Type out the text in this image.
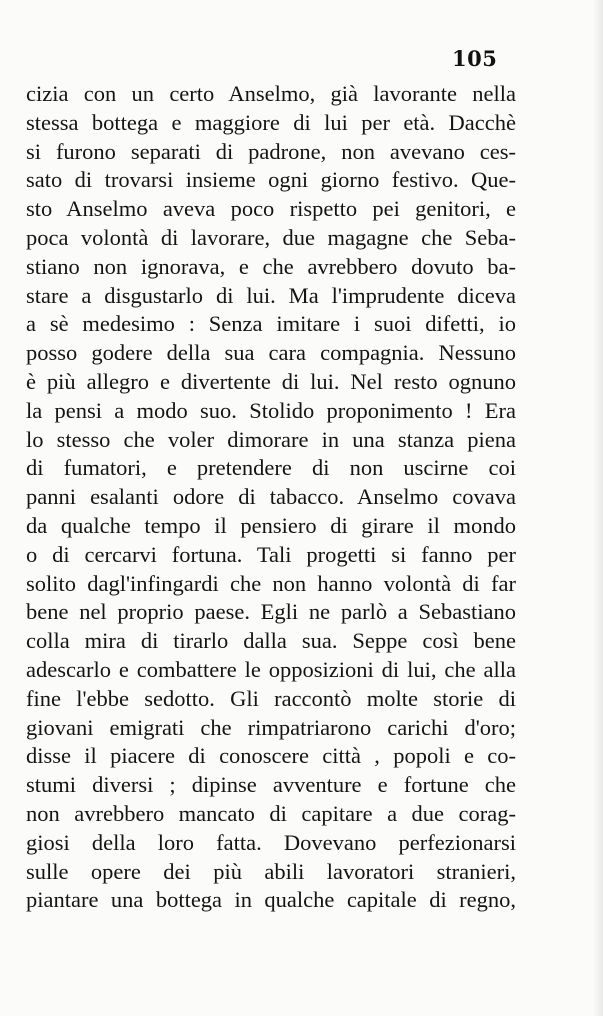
105
cizia con un certo Anselmo, già lavorante nella
stessa bottega e maggiore di lui per età. Dacchè
si furono separati di padrone, non avevano ces-
sato di trovarsi insieme ogni giorno festivo. Que-
sto Anselmo aveva poco rispetto pei genitori, e
poca volontà di lavorare, due magagne che Seba-
stiano non ignorava, e che avrebbero dovuto ba-
stare a disgustarlo di lui. Ma l'imprudente diceva
a sè medesimo : Senza imitare i suoi difetti, io
posso godere della sua cara compagnia. Nessuno
è più allegro e divertente di lui. Nel resto ognuno
la pensi a modo suo. Stolido proponimento ! Era
lo stesso che voler dimorare in una stanza piena
di fumatori, e pretendere di non uscirne coi
panni esalanti odore di tabacco. Anselmo covava
da qualche tempo il pensiero di girare il mondo
o di cercarvi fortuna. Tali progetti si fanno per
solito dagl'infingardi che non hanno volontà di far
bene nel proprio paese. Egli ne parlò a Sebastiano
colla mira di tirarlo dalla sua. Seppe così bene
adescarlo e combattere le opposizioni di lui, che alla
fine l'ebbe sedotto. Gli raccontò molte storie di
giovani emigrati che rimpatriarono carichi d'oro;
disse il piacere di conoscere città , popoli e co-
stumi diversi ; dipinse avventure e fortune che
non avrebbero mancato di capitare a due corag-
giosi della loro fatta. Dovevano perfezionarsi
sulle opere dei più abili lavoratori stranieri,
piantare una bottega in qualche capitale di regno,
